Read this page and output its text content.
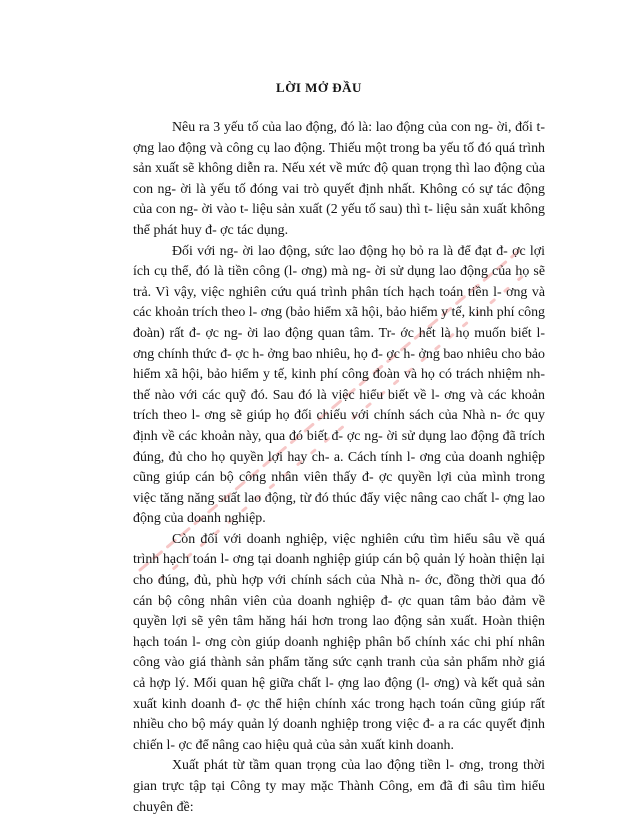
LỜI MỞ ĐẦU

Nêu ra 3 yếu tố của lao động, đó là: lao động của con ng- ời, đối t- ợng lao động và công cụ lao động. Thiếu một trong ba yếu tố đó quá trình sản xuất sẽ không diễn ra. Nếu xét về mức độ quan trọng thì lao động của con ng- ời là yếu tố đóng vai trò quyết định nhất. Không có sự tác động của con ng- ời vào t- liệu sản xuất (2 yếu tố sau) thì t- liệu sản xuất không thể phát huy đ- ợc tác dụng.

Đối với ng- ời lao động, sức lao động họ bỏ ra là để đạt đ- ợc lợi ích cụ thể, đó là tiền công (l- ơng) mà ng- ời sử dụng lao động của họ sẽ trả. Vì vậy, việc nghiên cứu quá trình phân tích hạch toán tiền l- ơng và các khoản trích theo l- ơng (bảo hiểm xã hội, bảo hiểm y tế, kinh phí công đoàn) rất đ- ợc ng- ời lao động quan tâm. Tr- ớc hết là họ muốn biết l- ơng chính thức đ- ợc h- ởng bao nhiêu, họ đ- ợc h- ởng bao nhiêu cho bảo hiểm xã hội, bảo hiểm y tế, kinh phí công đoàn và họ có trách nhiệm nh- thế nào với các quỹ đó. Sau đó là việc hiểu biết về l- ơng và các khoản trích theo l- ơng sẽ giúp họ đối chiếu với chính sách của Nhà n- ớc quy định về các khoản này, qua đó biết đ- ợc ng- ời sử dụng lao động đã trích đúng, đủ cho họ quyền lợi hay ch- a. Cách tính l- ơng của doanh nghiệp cũng giúp cán bộ công nhân viên thấy đ- ợc quyền lợi của mình trong việc tăng năng suất lao động, từ đó thúc đẩy việc nâng cao chất l- ợng lao động của doanh nghiệp.

Còn đối với doanh nghiệp, việc nghiên cứu tìm hiểu sâu về quá trình hạch toán l- ơng tại doanh nghiệp giúp cán bộ quản lý hoàn thiện lại cho đúng, đủ, phù hợp với chính sách của Nhà n- ớc, đồng thời qua đó cán bộ công nhân viên của doanh nghiệp đ- ợc quan tâm bảo đảm về quyền lợi sẽ yên tâm hăng hái hơn trong lao động sản xuất. Hoàn thiện hạch toán l- ơng còn giúp doanh nghiệp phân bổ chính xác chi phí nhân công vào giá thành sản phẩm tăng sức cạnh tranh của sản phẩm nhờ giá cả hợp lý. Mối quan hệ giữa chất l- ợng lao động (l- ơng) và kết quả sản xuất kinh doanh đ- ợc thể hiện chính xác trong hạch toán cũng giúp rất nhiều cho bộ máy quản lý doanh nghiệp trong việc đ- a ra các quyết định chiến l- ợc để nâng cao hiệu quả của sản xuất kinh doanh.

Xuất phát từ tầm quan trọng của lao động tiền l- ơng, trong thời gian trực tập tại Công ty may mặc Thành Công, em đã đi sâu tìm hiểu chuyên đề:
